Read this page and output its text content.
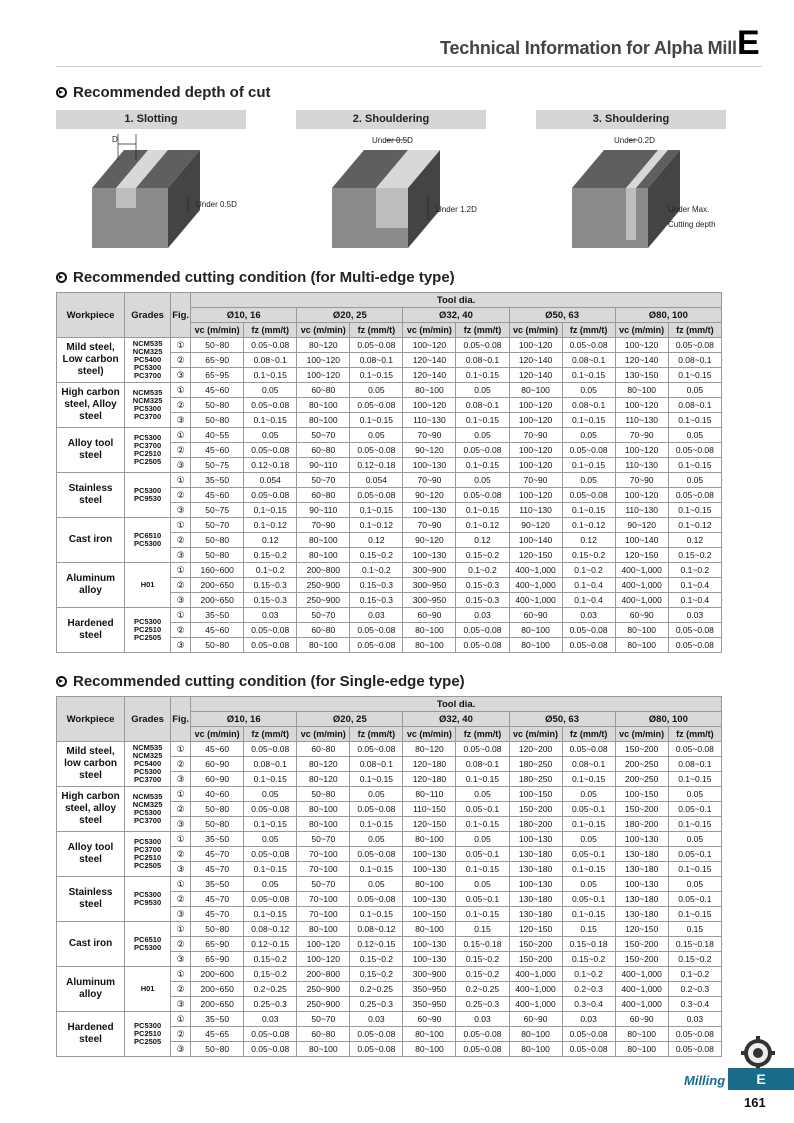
Technical Information for Alpha Mill E
Recommended depth of cut
1. Slotting	2. Shouldering	3. Shouldering
D
Under 0.5D
Under 0.5D
Under 1.2D
Under 0.2D
Under Max.
Cutting depth
Recommended cutting condition (for Multi-edge type)
Workpiece	Grades	Fig.	Tool dia.									
			Ø10, 16		Ø20, 25		Ø32, 40		Ø50, 63		Ø80, 100	
			vc (m/min)	fz (mm/t)	vc (m/min)	fz (mm/t)	vc (m/min)	fz (mm/t)	vc (m/min)	fz (mm/t)	vc (m/min)	fz (mm/t)
Mild steel, Low carbon steel)	NCM535
NCM325
PC5400
PC5300
PC3700	①	50~80	0.05~0.08	80~120	0.05~0.08	100~120	0.05~0.08	100~120	0.05~0.08	100~120	0.05~0.08
		②	65~90	0.08~0.1	100~120	0.08~0.1	120~140	0.08~0.1	120~140	0.08~0.1	120~140	0.08~0.1
		③	65~95	0.1~0.15	100~120	0.1~0.15	120~140	0.1~0.15	120~140	0.1~0.15	130~150	0.1~0.15
High carbon steel, Alloy steel	NCM535
NCM325
PC5300
PC3700	①	45~60	0.05	60~80	0.05	80~100	0.05	80~100	0.05	80~100	0.05
		②	50~80	0.05~0.08	80~100	0.05~0.08	100~120	0.08~0.1	100~120	0.08~0.1	100~120	0.08~0.1
		③	50~80	0.1~0.15	80~100	0.1~0.15	110~130	0.1~0.15	100~120	0.1~0.15	110~130	0.1~0.15
Alloy tool steel	PC5300
PC3700
PC2510
PC2505	①	40~55	0.05	50~70	0.05	70~90	0.05	70~90	0.05	70~90	0.05
		②	45~60	0.05~0.08	60~80	0.05~0.08	90~120	0.05~0.08	100~120	0.05~0.08	100~120	0.05~0.08
		③	50~75	0.12~0.18	90~110	0.12~0.18	100~130	0.1~0.15	100~120	0.1~0.15	110~130	0.1~0.15
Stainless steel	PC5300
PC9530	①	35~50	0.054	50~70	0.054	70~90	0.05	70~90	0.05	70~90	0.05
		②	45~60	0.05~0.08	60~80	0.05~0.08	90~120	0.05~0.08	100~120	0.05~0.08	100~120	0.05~0.08
		③	50~75	0.1~0.15	90~110	0.1~0.15	100~130	0.1~0.15	110~130	0.1~0.15	110~130	0.1~0.15
Cast iron	PC6510
PC5300	①	50~70	0.1~0.12	70~90	0.1~0.12	70~90	0.1~0.12	90~120	0.1~0.12	90~120	0.1~0.12
		②	50~80	0.12	80~100	0.12	90~120	0.12	100~140	0.12	100~140	0.12
		③	50~80	0.15~0.2	80~100	0.15~0.2	100~130	0.15~0.2	120~150	0.15~0.2	120~150	0.15~0.2
Aluminum alloy	H01	①	160~600	0.1~0.2	200~800	0.1~0.2	300~900	0.1~0.2	400~1,000	0.1~0.2	400~1,000	0.1~0.2
		②	200~650	0.15~0.3	250~900	0.15~0.3	300~950	0.15~0.3	400~1,000	0.1~0.4	400~1,000	0.1~0.4
		③	200~650	0.15~0.3	250~900	0.15~0.3	300~950	0.15~0.3	400~1,000	0.1~0.4	400~1,000	0.1~0.4
Hardened steel	PC5300
PC2510
PC2505	①	35~50	0.03	50~70	0.03	60~90	0.03	60~90	0.03	60~90	0.03
		②	45~60	0.05~0.08	60~80	0.05~0.08	80~100	0.05~0.08	80~100	0.05~0.08	80~100	0.05~0.08
		③	50~80	0.05~0.08	80~100	0.05~0.08	80~100	0.05~0.08	80~100	0.05~0.08	80~100	0.05~0.08
Recommended cutting condition (for Single-edge type)
Workpiece	Grades	Fig.	Tool dia.									
			Ø10, 16		Ø20, 25		Ø32, 40		Ø50, 63		Ø80, 100	
			vc (m/min)	fz (mm/t)	vc (m/min)	fz (mm/t)	vc (m/min)	fz (mm/t)	vc (m/min)	fz (mm/t)	vc (m/min)	fz (mm/t)
Mild steel, low carbon steel	NCM535
NCM325
PC5400
PC5300
PC3700	①	45~60	0.05~0.08	60~80	0.05~0.08	80~120	0.05~0.08	120~200	0.05~0.08	150~200	0.05~0.08
		②	60~90	0.08~0.1	80~120	0.08~0.1	120~180	0.08~0.1	180~250	0.08~0.1	200~250	0.08~0.1
		③	60~90	0.1~0.15	80~120	0.1~0.15	120~180	0.1~0.15	180~250	0.1~0.15	200~250	0.1~0.15
High carbon steel, alloy steel	NCM535
NCM325
PC5300
PC3700	①	40~60	0.05	50~80	0.05	80~110	0.05	100~150	0.05	100~150	0.05
		②	50~80	0.05~0.08	80~100	0.05~0.08	110~150	0.05~0.1	150~200	0.05~0.1	150~200	0.05~0.1
		③	50~80	0.1~0.15	80~100	0.1~0.15	120~150	0.1~0.15	180~200	0.1~0.15	180~200	0.1~0.15
Alloy tool steel	PC5300
PC3700
PC2510
PC2505	①	35~50	0.05	50~70	0.05	80~100	0.05	100~130	0.05	100~130	0.05
		②	45~70	0.05~0.08	70~100	0.05~0.08	100~130	0.05~0.1	130~180	0.05~0.1	130~180	0.05~0.1
		③	45~70	0.1~0.15	70~100	0.1~0.15	100~130	0.1~0.15	130~180	0.1~0.15	130~180	0.1~0.15
Stainless steel	PC5300
PC9530	①	35~50	0.05	50~70	0.05	80~100	0.05	100~130	0.05	100~130	0.05
		②	45~70	0.05~0.08	70~100	0.05~0.08	100~130	0.05~0.1	130~180	0.05~0.1	130~180	0.05~0.1
		③	45~70	0.1~0.15	70~100	0.1~0.15	100~150	0.1~0.15	130~180	0.1~0.15	130~180	0.1~0.15
Cast iron	PC6510
PC5300	①	50~80	0.08~0.12	80~100	0.08~0.12	80~100	0.15	120~150	0.15	120~150	0.15
		②	65~90	0.12~0.15	100~120	0.12~0.15	100~130	0.15~0.18	150~200	0.15~0.18	150~200	0.15~0.18
		③	65~90	0.15~0.2	100~120	0.15~0.2	100~130	0.15~0.2	150~200	0.15~0.2	150~200	0.15~0.2
Aluminum alloy	H01	①	200~600	0.15~0.2	200~800	0.15~0.2	300~900	0.15~0.2	400~1,000	0.1~0.2	400~1,000	0.1~0.2
		②	200~650	0.2~0.25	250~900	0.2~0.25	350~950	0.2~0.25	400~1,000	0.2~0.3	400~1,000	0.2~0.3
		③	200~650	0.25~0.3	250~900	0.25~0.3	350~950	0.25~0.3	400~1,000	0.3~0.4	400~1,000	0.3~0.4
Hardened steel	PC5300
PC2510
PC2505	①	35~50	0.03	50~70	0.03	60~90	0.03	60~90	0.03	60~90	0.03
		②	45~65	0.05~0.08	60~80	0.05~0.08	80~100	0.05~0.08	80~100	0.05~0.08	80~100	0.05~0.08
		③	50~80	0.05~0.08	80~100	0.05~0.08	80~100	0.05~0.08	80~100	0.05~0.08	80~100	0.05~0.08
Milling	E
161
